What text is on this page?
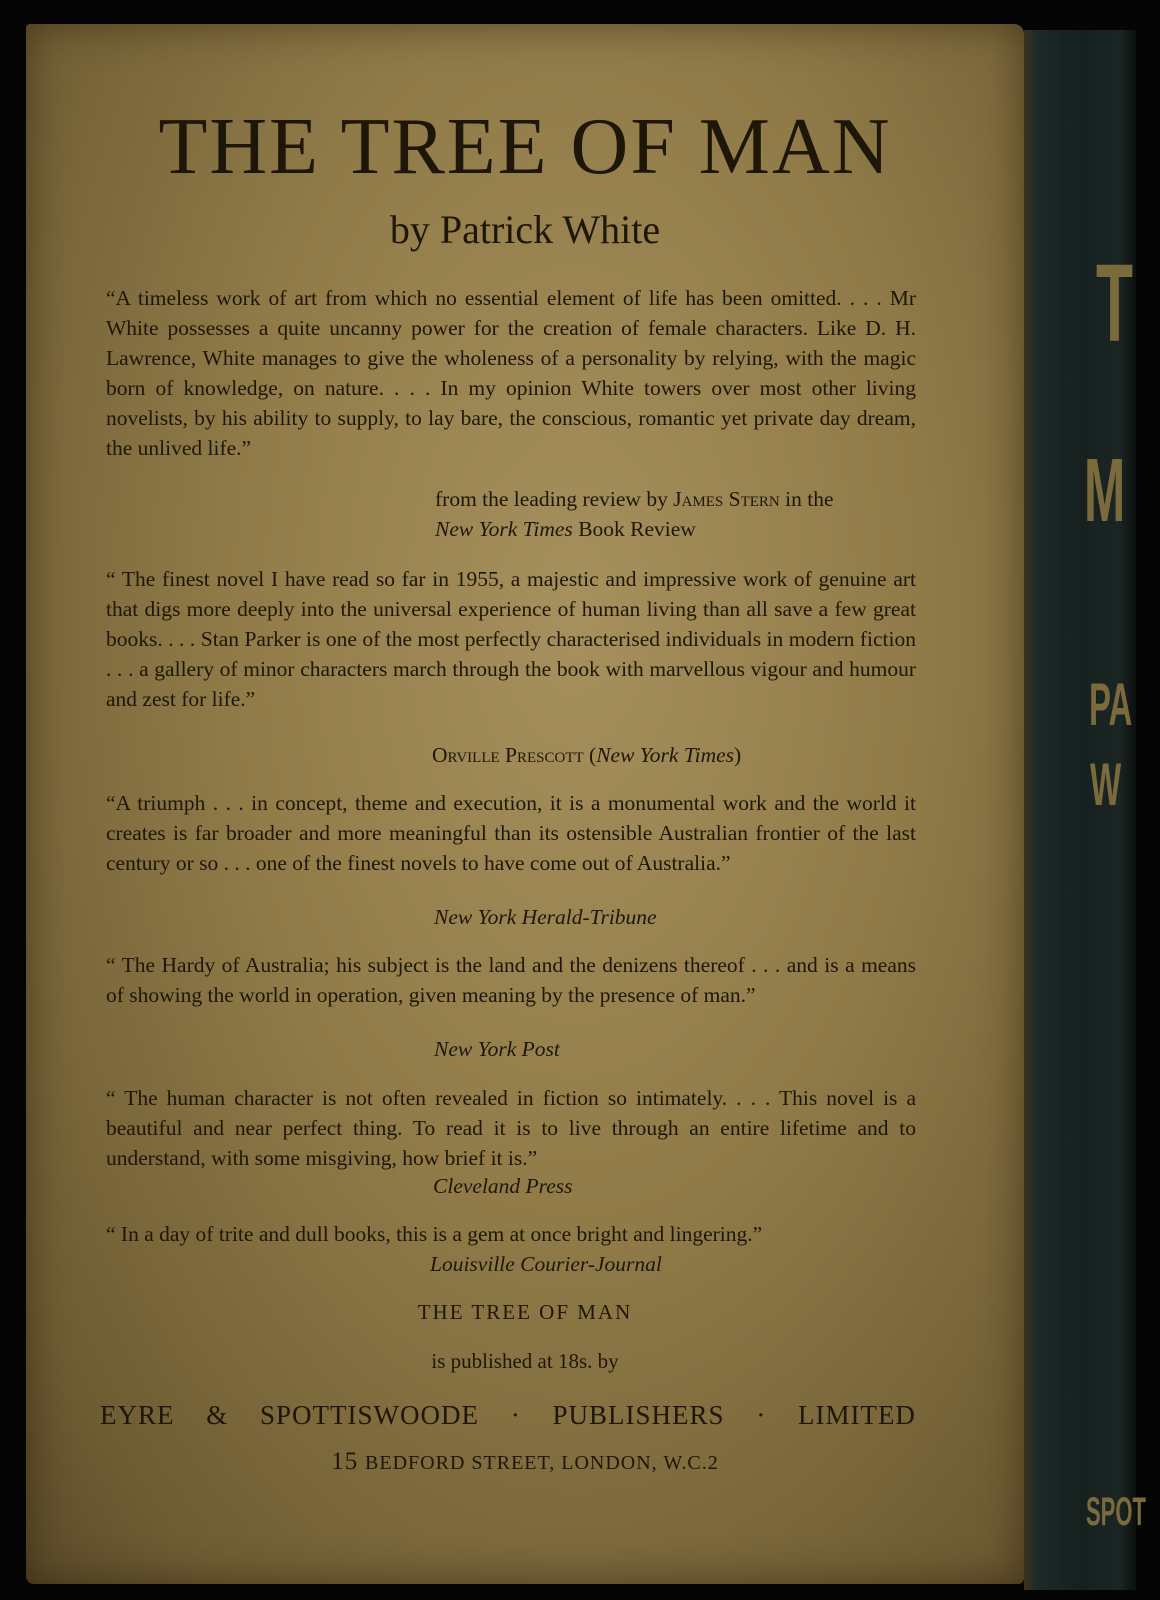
T
M
PA
W
SPOT
THE TREE OF MAN
by Patrick White

“A timeless work of art from which no essential element of life has been omitted. . . . Mr White possesses a quite uncanny power for the creation of female characters. Like D. H. Lawrence, White manages to give the wholeness of a personality by relying, with the magic born of knowledge, on nature. . . . In my opinion White towers over most other living novelists, by his ability to supply, to lay bare, the conscious, romantic yet private day dream, the unlived life.”

from the leading review by James Stern in the
New York Times Book Review

“ The finest novel I have read so far in 1955, a majestic and impressive work of genuine art that digs more deeply into the universal experience of human living than all save a few great books. . . . Stan Parker is one of the most perfectly characterised individuals in modern fiction . . . a gallery of minor characters march through the book with marvellous vigour and humour and zest for life.”

Orville Prescott (New York Times)

“A triumph . . . in concept, theme and execution, it is a monumental work and the world it creates is far broader and more meaningful than its ostensible Australian frontier of the last century or so . . . one of the finest novels to have come out of Australia.”

New York Herald-Tribune

“ The Hardy of Australia; his subject is the land and the denizens thereof . . . and is a means of showing the world in operation, given meaning by the presence of man.”

New York Post

“ The human character is not often revealed in fiction so intimately. . . . This novel is a beautiful and near perfect thing. To read it is to live through an entire lifetime and to understand, with some misgiving, how brief it is.”

Cleveland Press

“ In a day of trite and dull books, this is a gem at once bright and lingering.”

Louisville Courier-Journal

THE TREE OF MAN

is published at 18s. by

EYRE & SPOTTISWOODE · PUBLISHERS · LIMITED

15 BEDFORD STREET, LONDON, W.C.2
